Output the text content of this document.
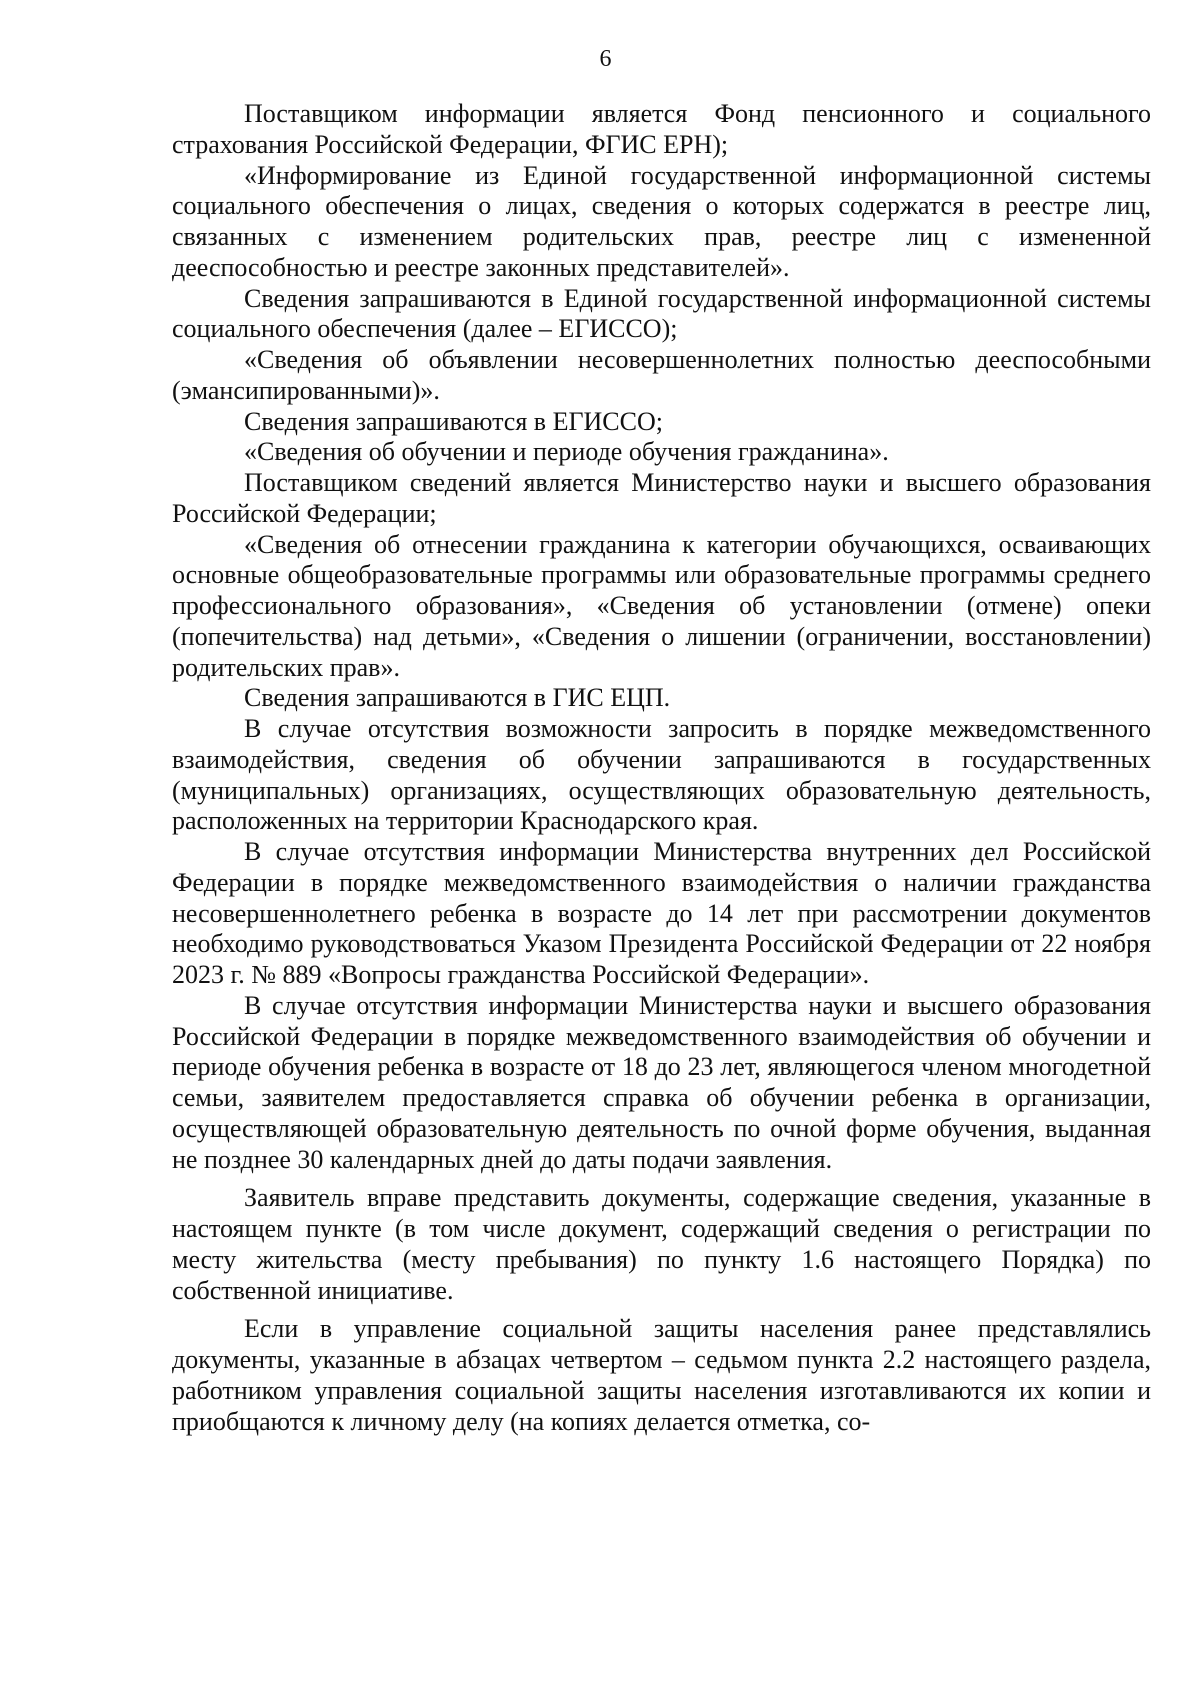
6

Поставщиком информации является Фонд пенсионного и социального страхования Российской Федерации, ФГИС ЕРН);

«Информирование из Единой государственной информационной системы социального обеспечения о лицах, сведения о которых содержатся в реестре лиц, связанных с изменением родительских прав, реестре лиц с измененной дееспособностью и реестре законных представителей».

Сведения запрашиваются в Единой государственной информационной системы социального обеспечения (далее – ЕГИССО);

«Сведения об объявлении несовершеннолетних полностью дееспособными (эмансипированными)».

Сведения запрашиваются в ЕГИССО;

«Сведения об обучении и периоде обучения гражданина».

Поставщиком сведений является Министерство науки и высшего образования Российской Федерации;

«Сведения об отнесении гражданина к категории обучающихся, осваивающих основные общеобразовательные программы или образовательные программы среднего профессионального образования», «Сведения об установлении (отмене) опеки (попечительства) над детьми», «Сведения о лишении (ограничении, восстановлении) родительских прав».

Сведения запрашиваются в ГИС ЕЦП.

В случае отсутствия возможности запросить в порядке межведомственного взаимодействия, сведения об обучении запрашиваются в государственных (муниципальных) организациях, осуществляющих образовательную деятельность, расположенных на территории Краснодарского края.

В случае отсутствия информации Министерства внутренних дел Российской Федерации в порядке межведомственного взаимодействия о наличии гражданства несовершеннолетнего ребенка в возрасте до 14 лет при рассмотрении документов необходимо руководствоваться Указом Президента Российской Федерации от 22 ноября 2023 г. № 889 «Вопросы гражданства Российской Федерации».

В случае отсутствия информации Министерства науки и высшего образования Российской Федерации в порядке межведомственного взаимодействия об обучении и периоде обучения ребенка в возрасте от 18 до 23 лет, являющегося членом многодетной семьи, заявителем предоставляется справка об обучении ребенка в организации, осуществляющей образовательную деятельность по очной форме обучения, выданная не позднее 30 календарных дней до даты подачи заявления.

Заявитель вправе представить документы, содержащие сведения, указанные в настоящем пункте (в том числе документ, содержащий сведения о регистрации по месту жительства (месту пребывания) по пункту 1.6 настоящего Порядка) по собственной инициативе.

Если в управление социальной защиты населения ранее представлялись документы, указанные в абзацах четвертом – седьмом пункта 2.2 настоящего раздела, работником управления социальной защиты населения изготавливаются их копии и приобщаются к личному делу (на копиях делается отметка, со-
